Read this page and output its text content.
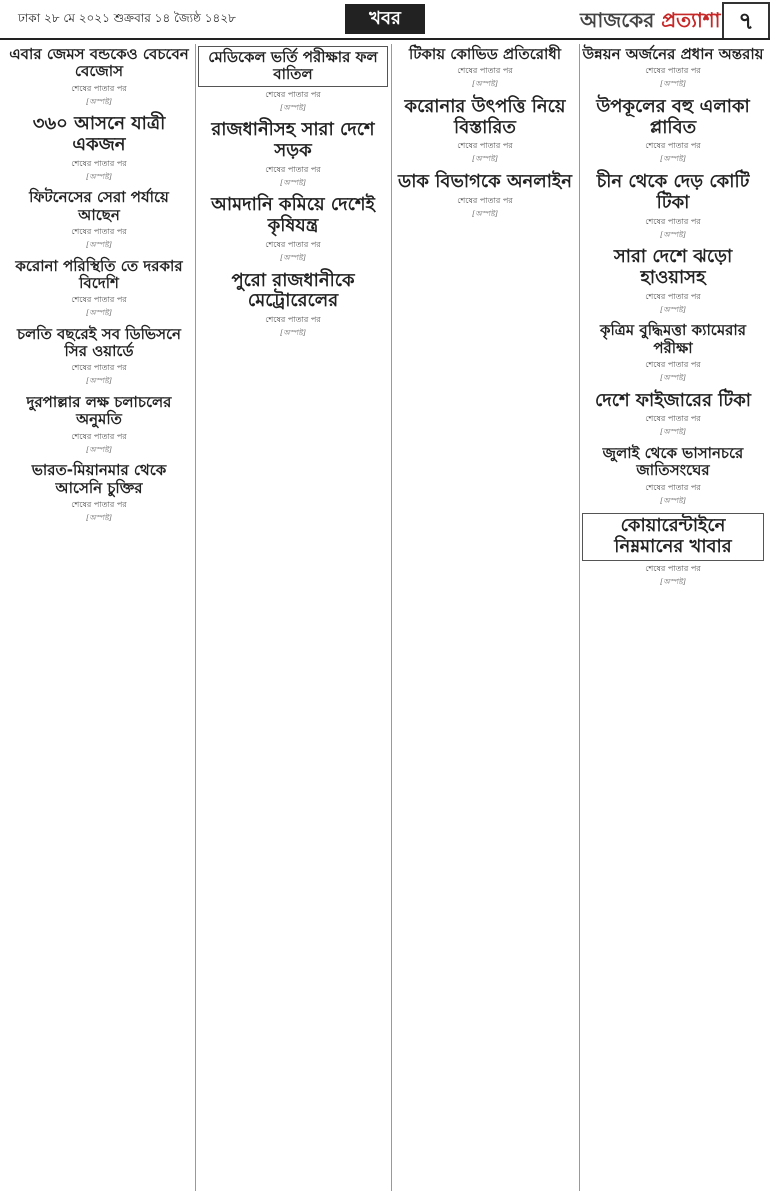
ঢাকা ২৮ মে ২০২১ শুক্রবার ১৪ জ্যৈষ্ঠ ১৪২৮	খবর	আজকের প্রত্যাশা ৭
এবার জেমস বন্ডকেও বেচবেন বেজোস
শেষের পাতার পর
[অস্পষ্ট]
৩৬০ আসনে যাত্রী একজন
শেষের পাতার পর
[অস্পষ্ট]
ফিটনেসের সেরা পর্যায়ে আছেন
শেষের পাতার পর
[অস্পষ্ট]
করোনা পরিস্থিতি তে দরকার বিদেশি
শেষের পাতার পর
[অস্পষ্ট]
চলতি বছরেই সব ডিভিসনে সির ওয়ার্ডে
শেষের পাতার পর
[অস্পষ্ট]
দুরপাল্লার লক্ষ চলাচলের অনুমতি
শেষের পাতার পর
[অস্পষ্ট]
ভারত-মিয়ানমার থেকে আসেনি চুক্তির
শেষের পাতার পর
[অস্পষ্ট]
মেডিকেল ভর্তি পরীক্ষার ফল বাতিল
শেষের পাতার পর
[অস্পষ্ট]
রাজধানীসহ সারা দেশে সড়ক
শেষের পাতার পর
[অস্পষ্ট]
আমদানি কমিয়ে দেশেই কৃষিযন্ত্র
শেষের পাতার পর
[অস্পষ্ট]
পুরো রাজধানীকে মেট্রোরেলের
শেষের পাতার পর
[অস্পষ্ট]
টিকায় কোভিড প্রতিরোধী
শেষের পাতার পর
[অস্পষ্ট]
করোনার উৎপত্তি নিয়ে বিস্তারিত
শেষের পাতার পর
[অস্পষ্ট]
ডাক বিভাগকে অনলাইন
শেষের পাতার পর
[অস্পষ্ট]
উন্নয়ন অর্জনের প্রধান অন্তরায়
শেষের পাতার পর
[অস্পষ্ট]
উপকূলের বহু এলাকা প্লাবিত
শেষের পাতার পর
[অস্পষ্ট]
চীন থেকে দেড় কোটি টিকা
শেষের পাতার পর
[অস্পষ্ট]
সারা দেশে ঝড়ো হাওয়াসহ
শেষের পাতার পর
[অস্পষ্ট]
কৃত্রিম বুদ্ধিমত্তা ক্যামেরার পরীক্ষা
শেষের পাতার পর
[অস্পষ্ট]
দেশে ফাইজারের টিকা
শেষের পাতার পর
[অস্পষ্ট]
জুলাই থেকে ভাসানচরে জাতিসংঘের
শেষের পাতার পর
[অস্পষ্ট]
কোয়ারেন্টাইনে নিম্নমানের খাবার
শেষের পাতার পর
[অস্পষ্ট]
